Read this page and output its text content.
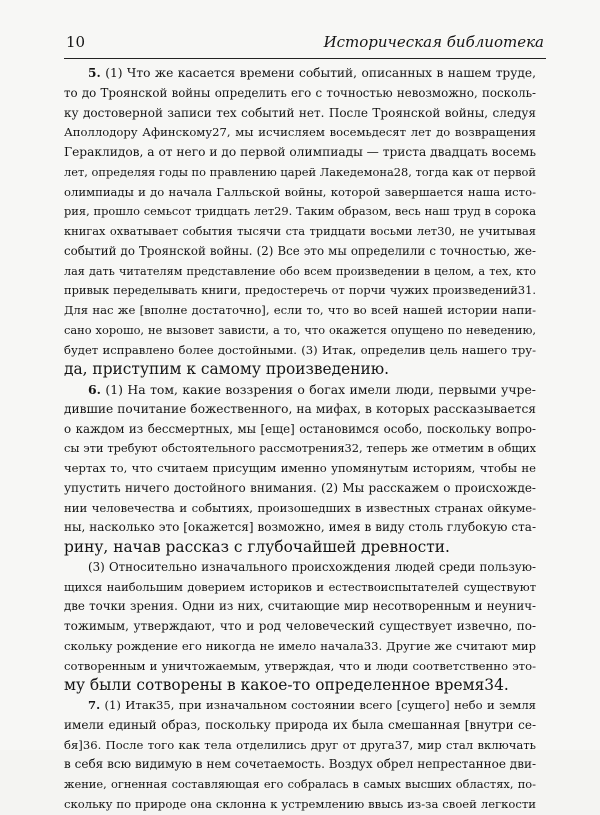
10	Историческая библиотека
5. (1) Что же касается времени событий, описанных в нашем труде,
то до Троянской войны определить его с точностью невозможно, посколь-
ку достоверной записи тех событий нет. После Троянской войны, следуя
Аполлодору Афинскому27, мы исчисляем восемьдесят лет до возвращения
Гераклидов, а от него и до первой олимпиады — триста двадцать восемь
лет, определяя годы по правлению царей Лакедемона28, тогда как от первой
олимпиады и до начала Галльской войны, которой завершается наша исто-
рия, прошло семьсот тридцать лет29. Таким образом, весь наш труд в сорока
книгах охватывает события тысячи ста тридцати восьми лет30, не учитывая
событий до Троянской войны. (2) Все это мы определили с точностью, же-
лая дать читателям представление обо всем произведении в целом, а тех, кто
привык переделывать книги, предостеречь от порчи чужих произведений31.
Для нас же [вполне достаточно], если то, что во всей нашей истории напи-
сано хорошо, не вызовет зависти, а то, что окажется опущено по неведению,
будет исправлено более достойными. (3) Итак, определив цель нашего тру-
да, приступим к самому произведению.
6. (1) На том, какие воззрения о богах имели люди, первыми учре-
дившие почитание божественного, на мифах, в которых рассказывается
о каждом из бессмертных, мы [еще] остановимся особо, поскольку вопро-
сы эти требуют обстоятельного рассмотрения32, теперь же отметим в общих
чертах то, что считаем присущим именно упомянутым историям, чтобы не
упустить ничего достойного внимания. (2) Мы расскажем о происхожде-
нии человечества и событиях, произошедших в известных странах ойкуме-
ны, насколько это [окажется] возможно, имея в виду столь глубокую ста-
рину, начав рассказ с глубочайшей древности.
(3) Относительно изначального происхождения людей среди пользую-
щихся наибольшим доверием историков и естествоиспытателей существуют
две точки зрения. Одни из них, считающие мир несотворенным и неунич-
тожимым, утверждают, что и род человеческий существует извечно, по-
скольку рождение его никогда не имело начала33. Другие же считают мир
сотворенным и уничтожаемым, утверждая, что и люди соответственно это-
му были сотворены в какое-то определенное время34.
7. (1) Итак35, при изначальном состоянии всего [сущего] небо и земля
имели единый образ, поскольку природа их была смешанная [внутри се-
бя]36. После того как тела отделились друг от друга37, мир стал включать
в себя всю видимую в нем сочетаемость. Воздух обрел непрестанное дви-
жение, огненная составляющая его собралась в самых высших областях, по-
скольку по природе она склонна к устремлению ввысь из-за своей легкости
